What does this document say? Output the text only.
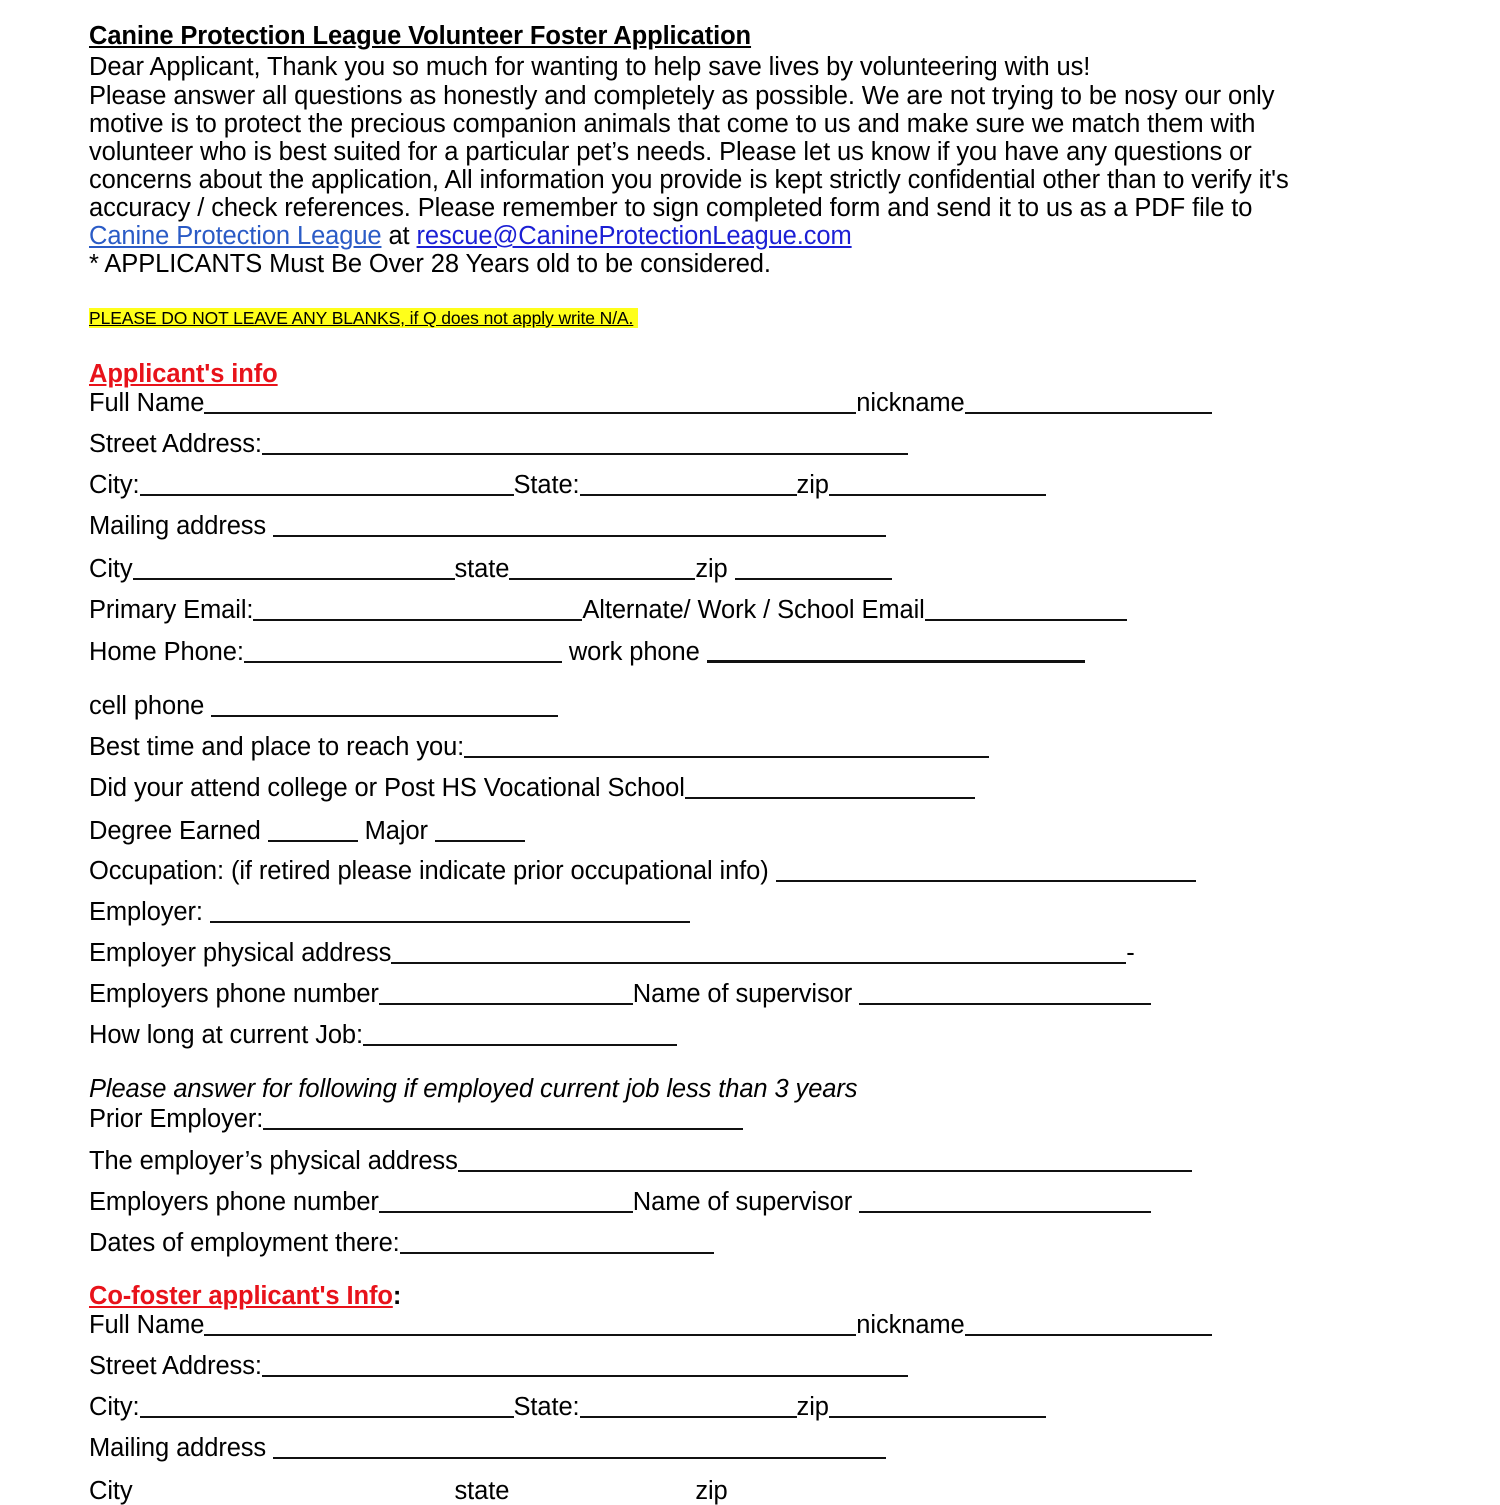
Canine Protection League Volunteer Foster Application
Dear Applicant, Thank you so much for wanting to help save lives by volunteering with us!
Please answer all questions as honestly and completely as possible. We are not trying to be nosy our only
motive is to protect the precious companion animals that come to us and make sure we match them with
volunteer who is best suited for a particular pet’s needs. Please let us know if you have any questions or
concerns about the application, All information you provide is kept strictly confidential other than to verify it's
accuracy / check references. Please remember to sign completed form and send it to us as a PDF file to
Canine Protection League at rescue@CanineProtectionLeague.com
* APPLICANTS Must Be Over 28 Years old to be considered.
PLEASE DO NOT LEAVE ANY BLANKS, if Q does not apply write N/A.
Applicant's info
Full Name	nickname
Street Address:
City:	State:	zip
Mailing address
City	state	zip
Primary Email:	Alternate/ Work / School Email
Home Phone:	work phone
cell phone
Best time and place to reach you:
Did your attend college or Post HS Vocational School
Degree Earned	Major
Occupation: (if retired please indicate prior occupational info)
Employer:
Employer physical address	-
Employers phone number	Name of supervisor
How long at current Job:
Please answer for following if employed current job less than 3 years
Prior Employer:
The employer’s physical address
Employers phone number	Name of supervisor
Dates of employment there:
Co-foster applicant's Info:
Full Name	nickname
Street Address:
City:	State:	zip
Mailing address
City	state	zip
